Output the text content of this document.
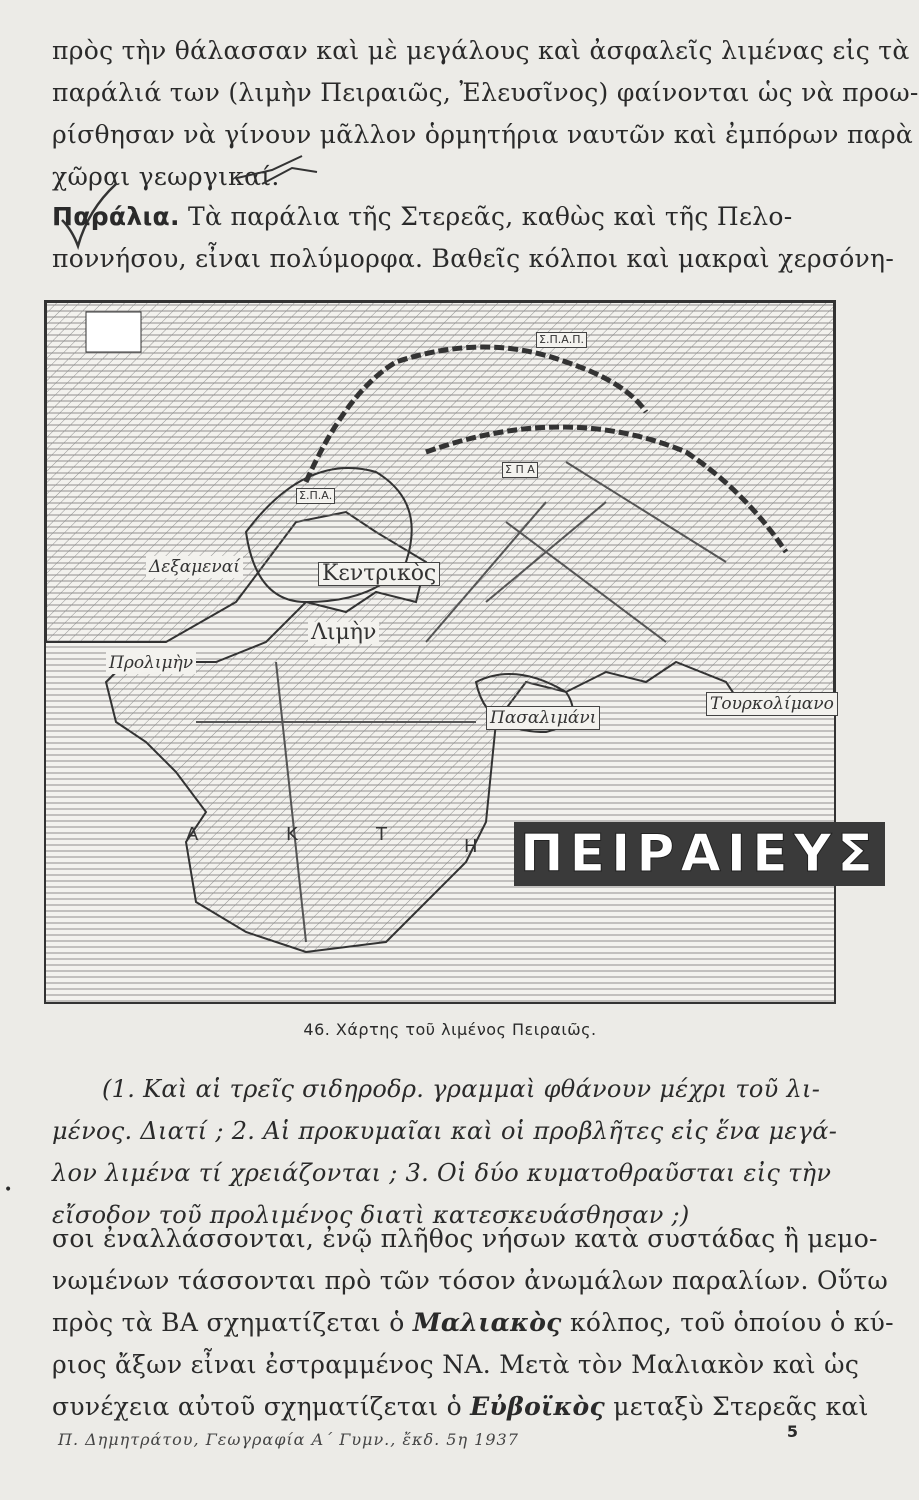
πρὸς τὴν θάλασσαν καὶ μὲ μεγάλους καὶ ἀσφαλεῖς λιμένας εἰς τὰ
παράλιά των (λιμὴν Πειραιῶς, Ἐλευσῖνος) φαίνονται ὡς νὰ προω-
ρίσθησαν νὰ γίνουν μᾶλλον ὁρμητήρια ναυτῶν καὶ ἐμπόρων παρὰ
χῶραι γεωργικαί.
Παράλια. Τὰ παράλια τῆς Στερεᾶς, καθὼς καὶ τῆς Πελο-
ποννήσου, εἶναι πολύμορφα. Βαθεῖς κόλποι καὶ μακραὶ χερσόνη-
Δεξαμεναί	Κεντρικὸς
Λιμὴν
Προλιμὴν
Πασαλιμάνι
Τουρκολίμανο
Α	Κ	Τ
Η
Σ.Π.Α.Π.
Σ Π Α
Σ.Π.Α.
ΠΕΙΡΑΙΕΥΣ
46. Χάρτης τοῦ λιμένος Πειραιῶς.
(1. Καὶ αἱ τρεῖς σιδηροδρ. γραμμαὶ φθάνουν μέχρι τοῦ λι-
μένος. Διατί ; 2. Αἱ προκυμαῖαι καὶ οἱ προβλῆτες εἰς ἕνα μεγά-
λον λιμένα τί χρειάζονται ; 3. Οἱ δύο κυματοθραῦσται εἰς τὴν
εἴσοδον τοῦ προλιμένος διατὶ κατεσκευάσθησαν ;)
•
σοι ἐναλλάσσονται, ἐνῷ πλῆθος νήσων κατὰ συστάδας ἢ μεμο-
νωμένων τάσσονται πρὸ τῶν τόσον ἀνωμάλων παραλίων. Οὕτω
πρὸς τὰ ΒΑ σχηματίζεται ὁ Μαλιακὸς κόλπος, τοῦ ὁποίου ὁ κύ-
ριος ἄξων εἶναι ἐστραμμένος ΝΑ. Μετὰ τὸν Μαλιακὸν καὶ ὡς
συνέχεια αὐτοῦ σχηματίζεται ὁ Εὐβοϊκὸς μεταξὺ Στερεᾶς καὶ
Π. Δημητράτου, Γεωγραφία Α΄ Γυμν., ἔκδ. 5η 1937	5
